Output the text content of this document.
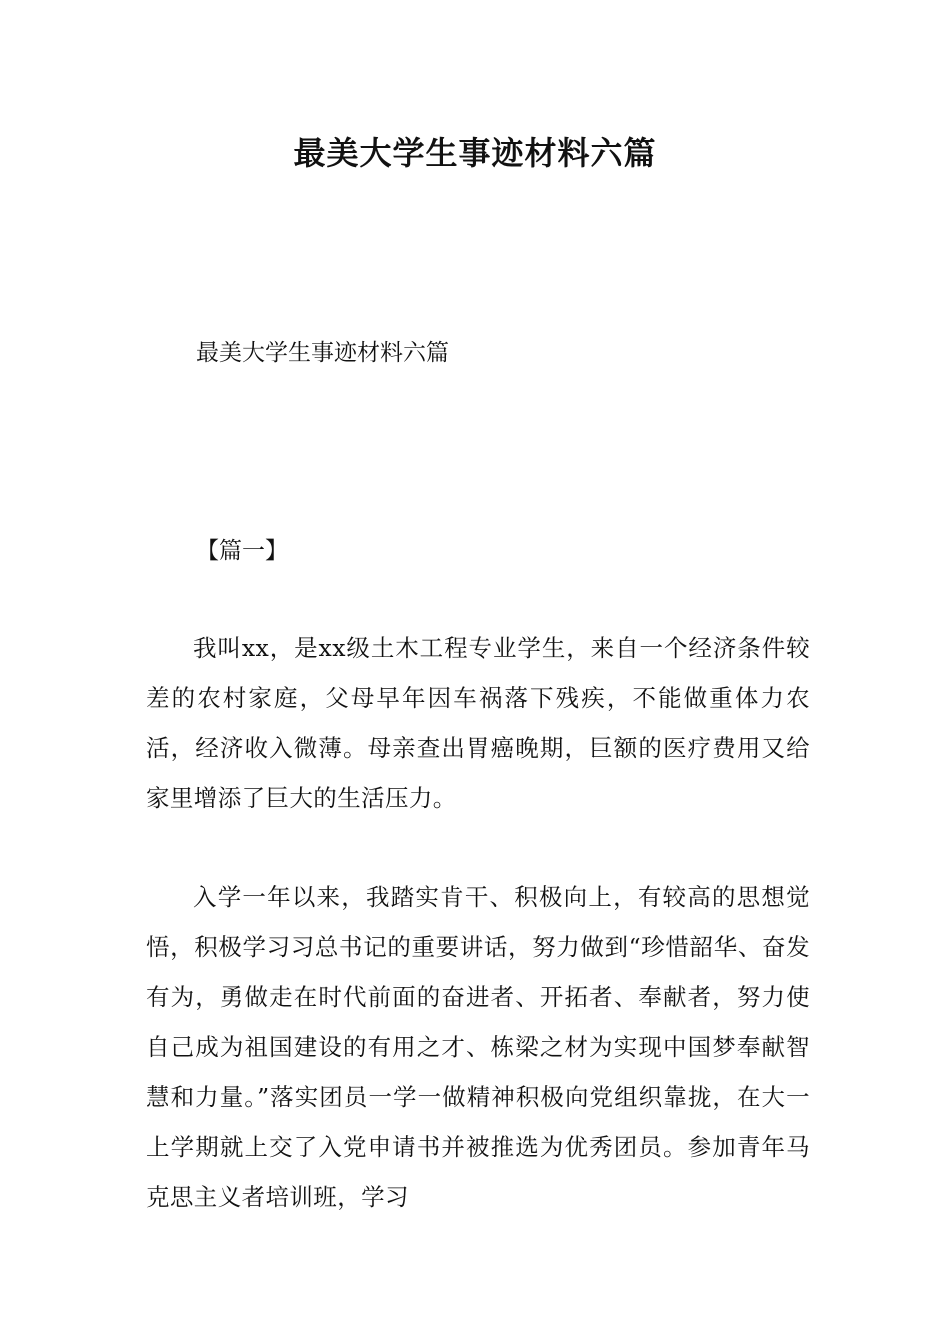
最美大学生事迹材料六篇
最美大学生事迹材料六篇
【篇一】

我叫xx，是xx级土木工程专业学生，来自一个经济条件较差的农村家庭，父母早年因车祸落下残疾，不能做重体力农活，经济收入微薄。母亲查出胃癌晚期，巨额的医疗费用又给家里增添了巨大的生活压力。

入学一年以来，我踏实肯干、积极向上，有较高的思想觉悟，积极学习习总书记的重要讲话，努力做到“珍惜韶华、奋发有为，勇做走在时代前面的奋进者、开拓者、奉献者，努力使自己成为祖国建设的有用之才、栋梁之材为实现中国梦奉献智慧和力量。”落实团员一学一做精神积极向党组织靠拢，在大一上学期就上交了入党申请书并被推选为优秀团员。参加青年马克思主义者培训班，学习
